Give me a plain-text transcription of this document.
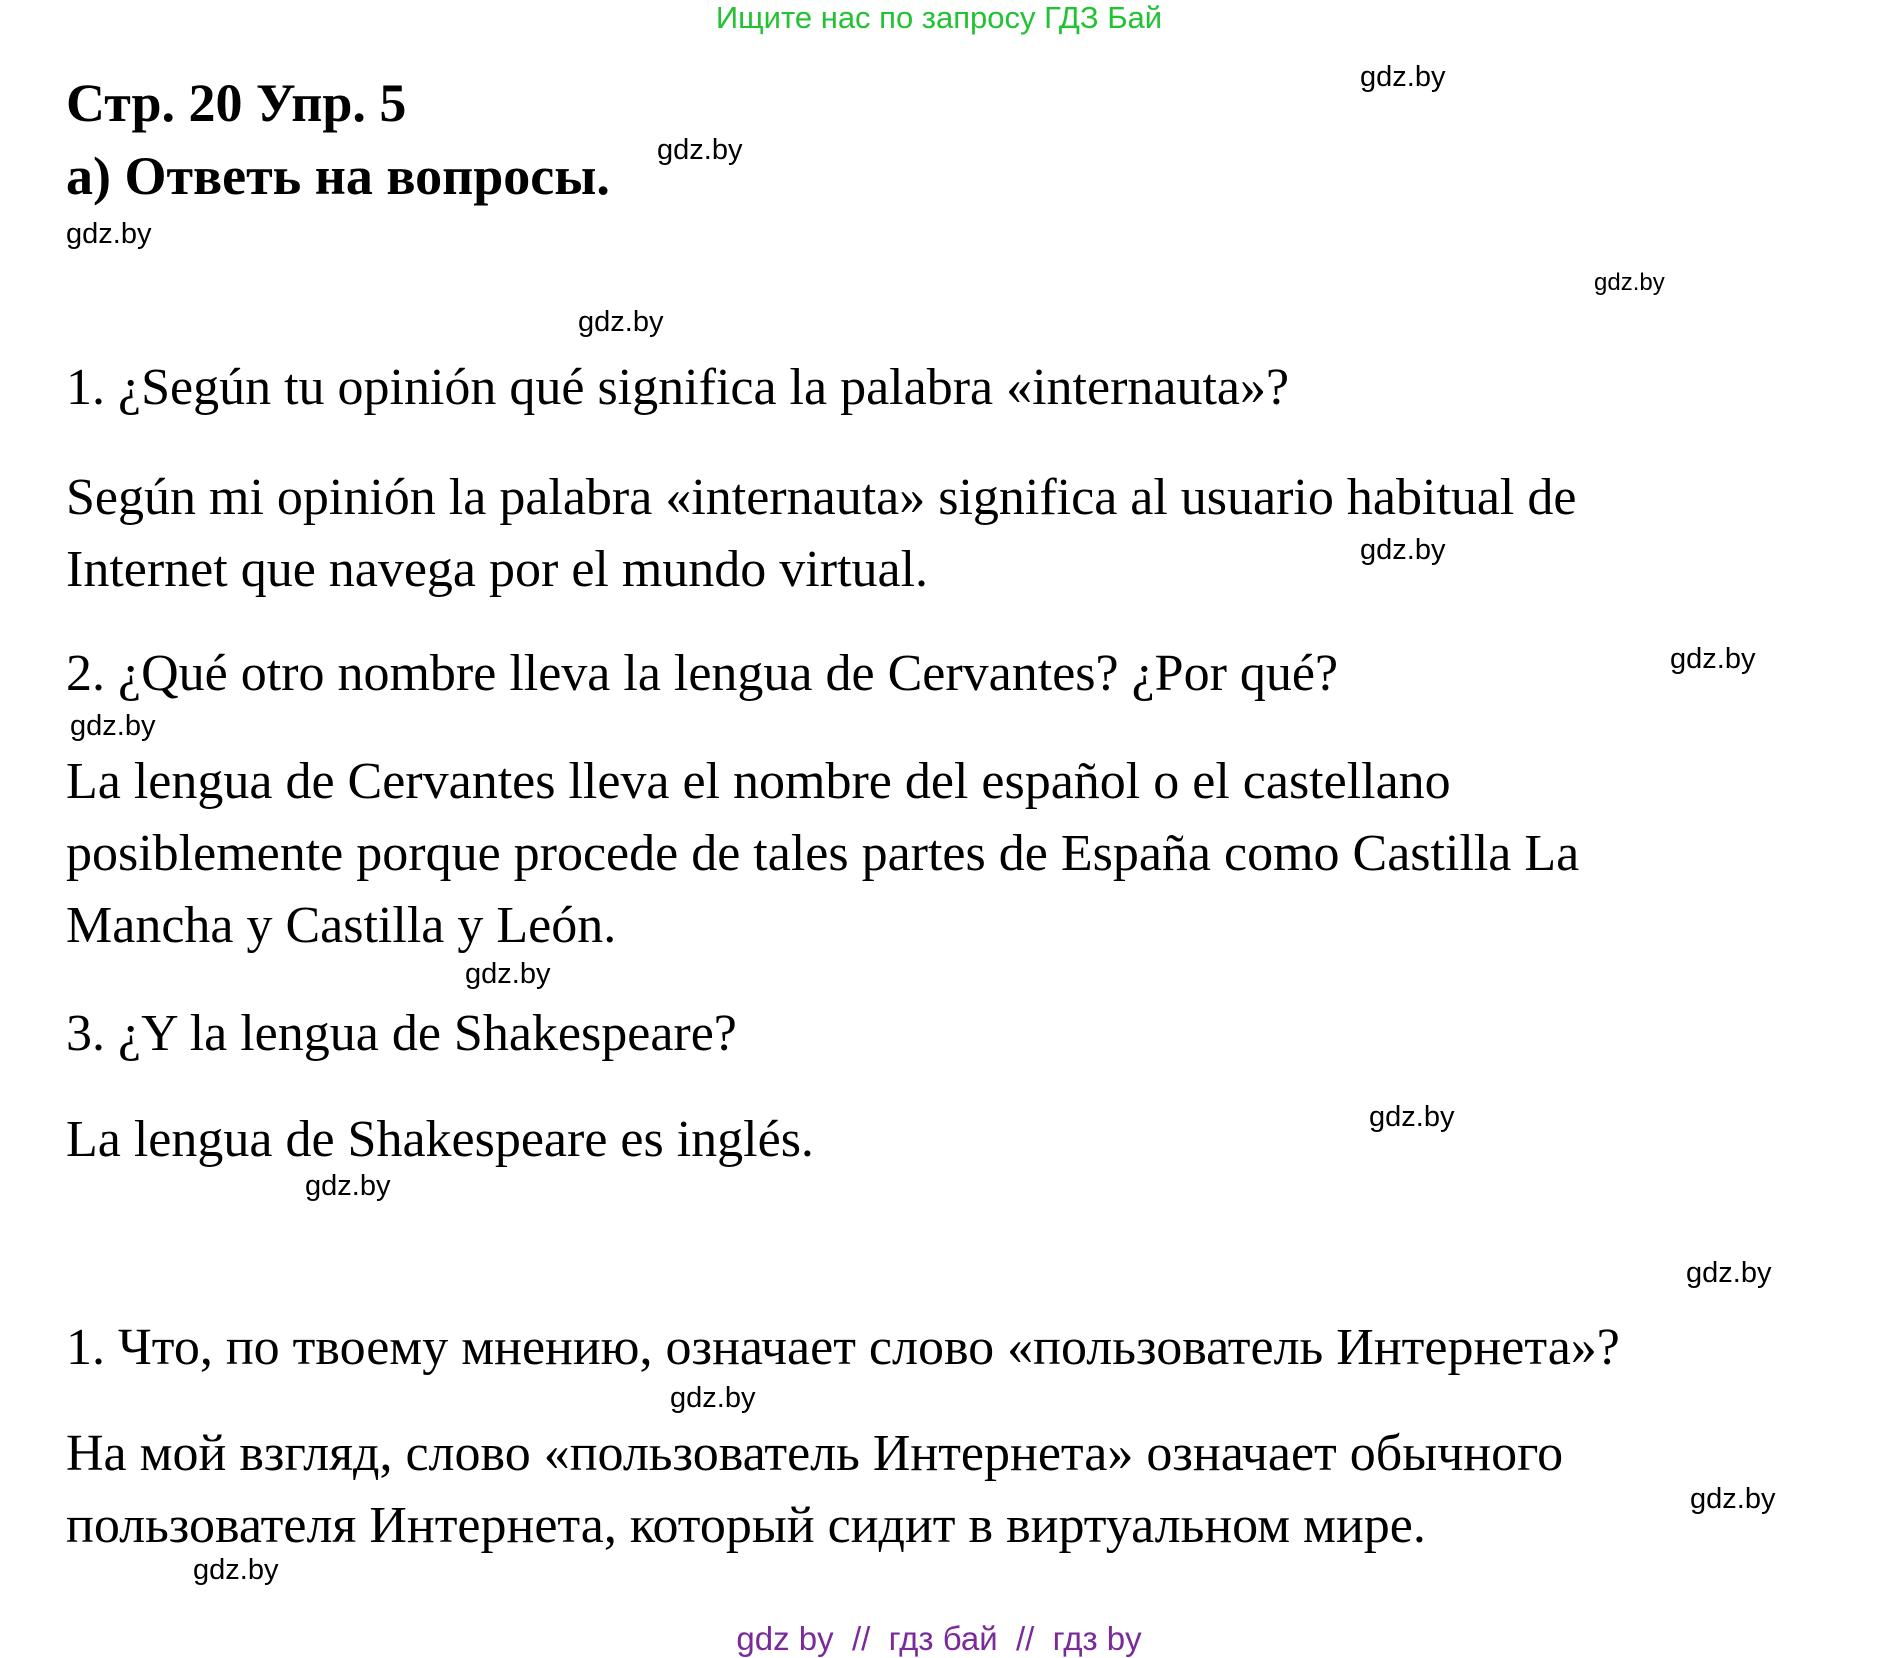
Ищите нас по запросу ГДЗ Бай
Стр. 20 Упр. 5
а) Ответь на вопросы.
1. ¿Según tu opinión qué significa la palabra «internauta»?
Según mi opinión la palabra «internauta» significa al usuario habitual de
Internet que navega por el mundo virtual.
2. ¿Qué otro nombre lleva la lengua de Cervantes? ¿Por qué?
La lengua de Cervantes lleva el nombre del español o el castellano
posiblemente porque procede de tales partes de España como Castilla La
Mancha y Castilla y León.
3. ¿Y la lengua de Shakespeare?
La lengua de Shakespeare es inglés.
1. Что, по твоему мнению, означает слово «пользователь Интернета»?
На мой взгляд, слово «пользователь Интернета» означает обычного
пользователя Интернета, который сидит в виртуальном мире.
gdz.by
gdz.by
gdz.by
gdz.by
gdz.by
gdz.by
gdz.by
gdz.by
gdz.by
gdz.by
gdz.by
gdz.by
gdz.by
gdz.by
gdz.by
gdz by  //  гдз бай  //  гдз by
